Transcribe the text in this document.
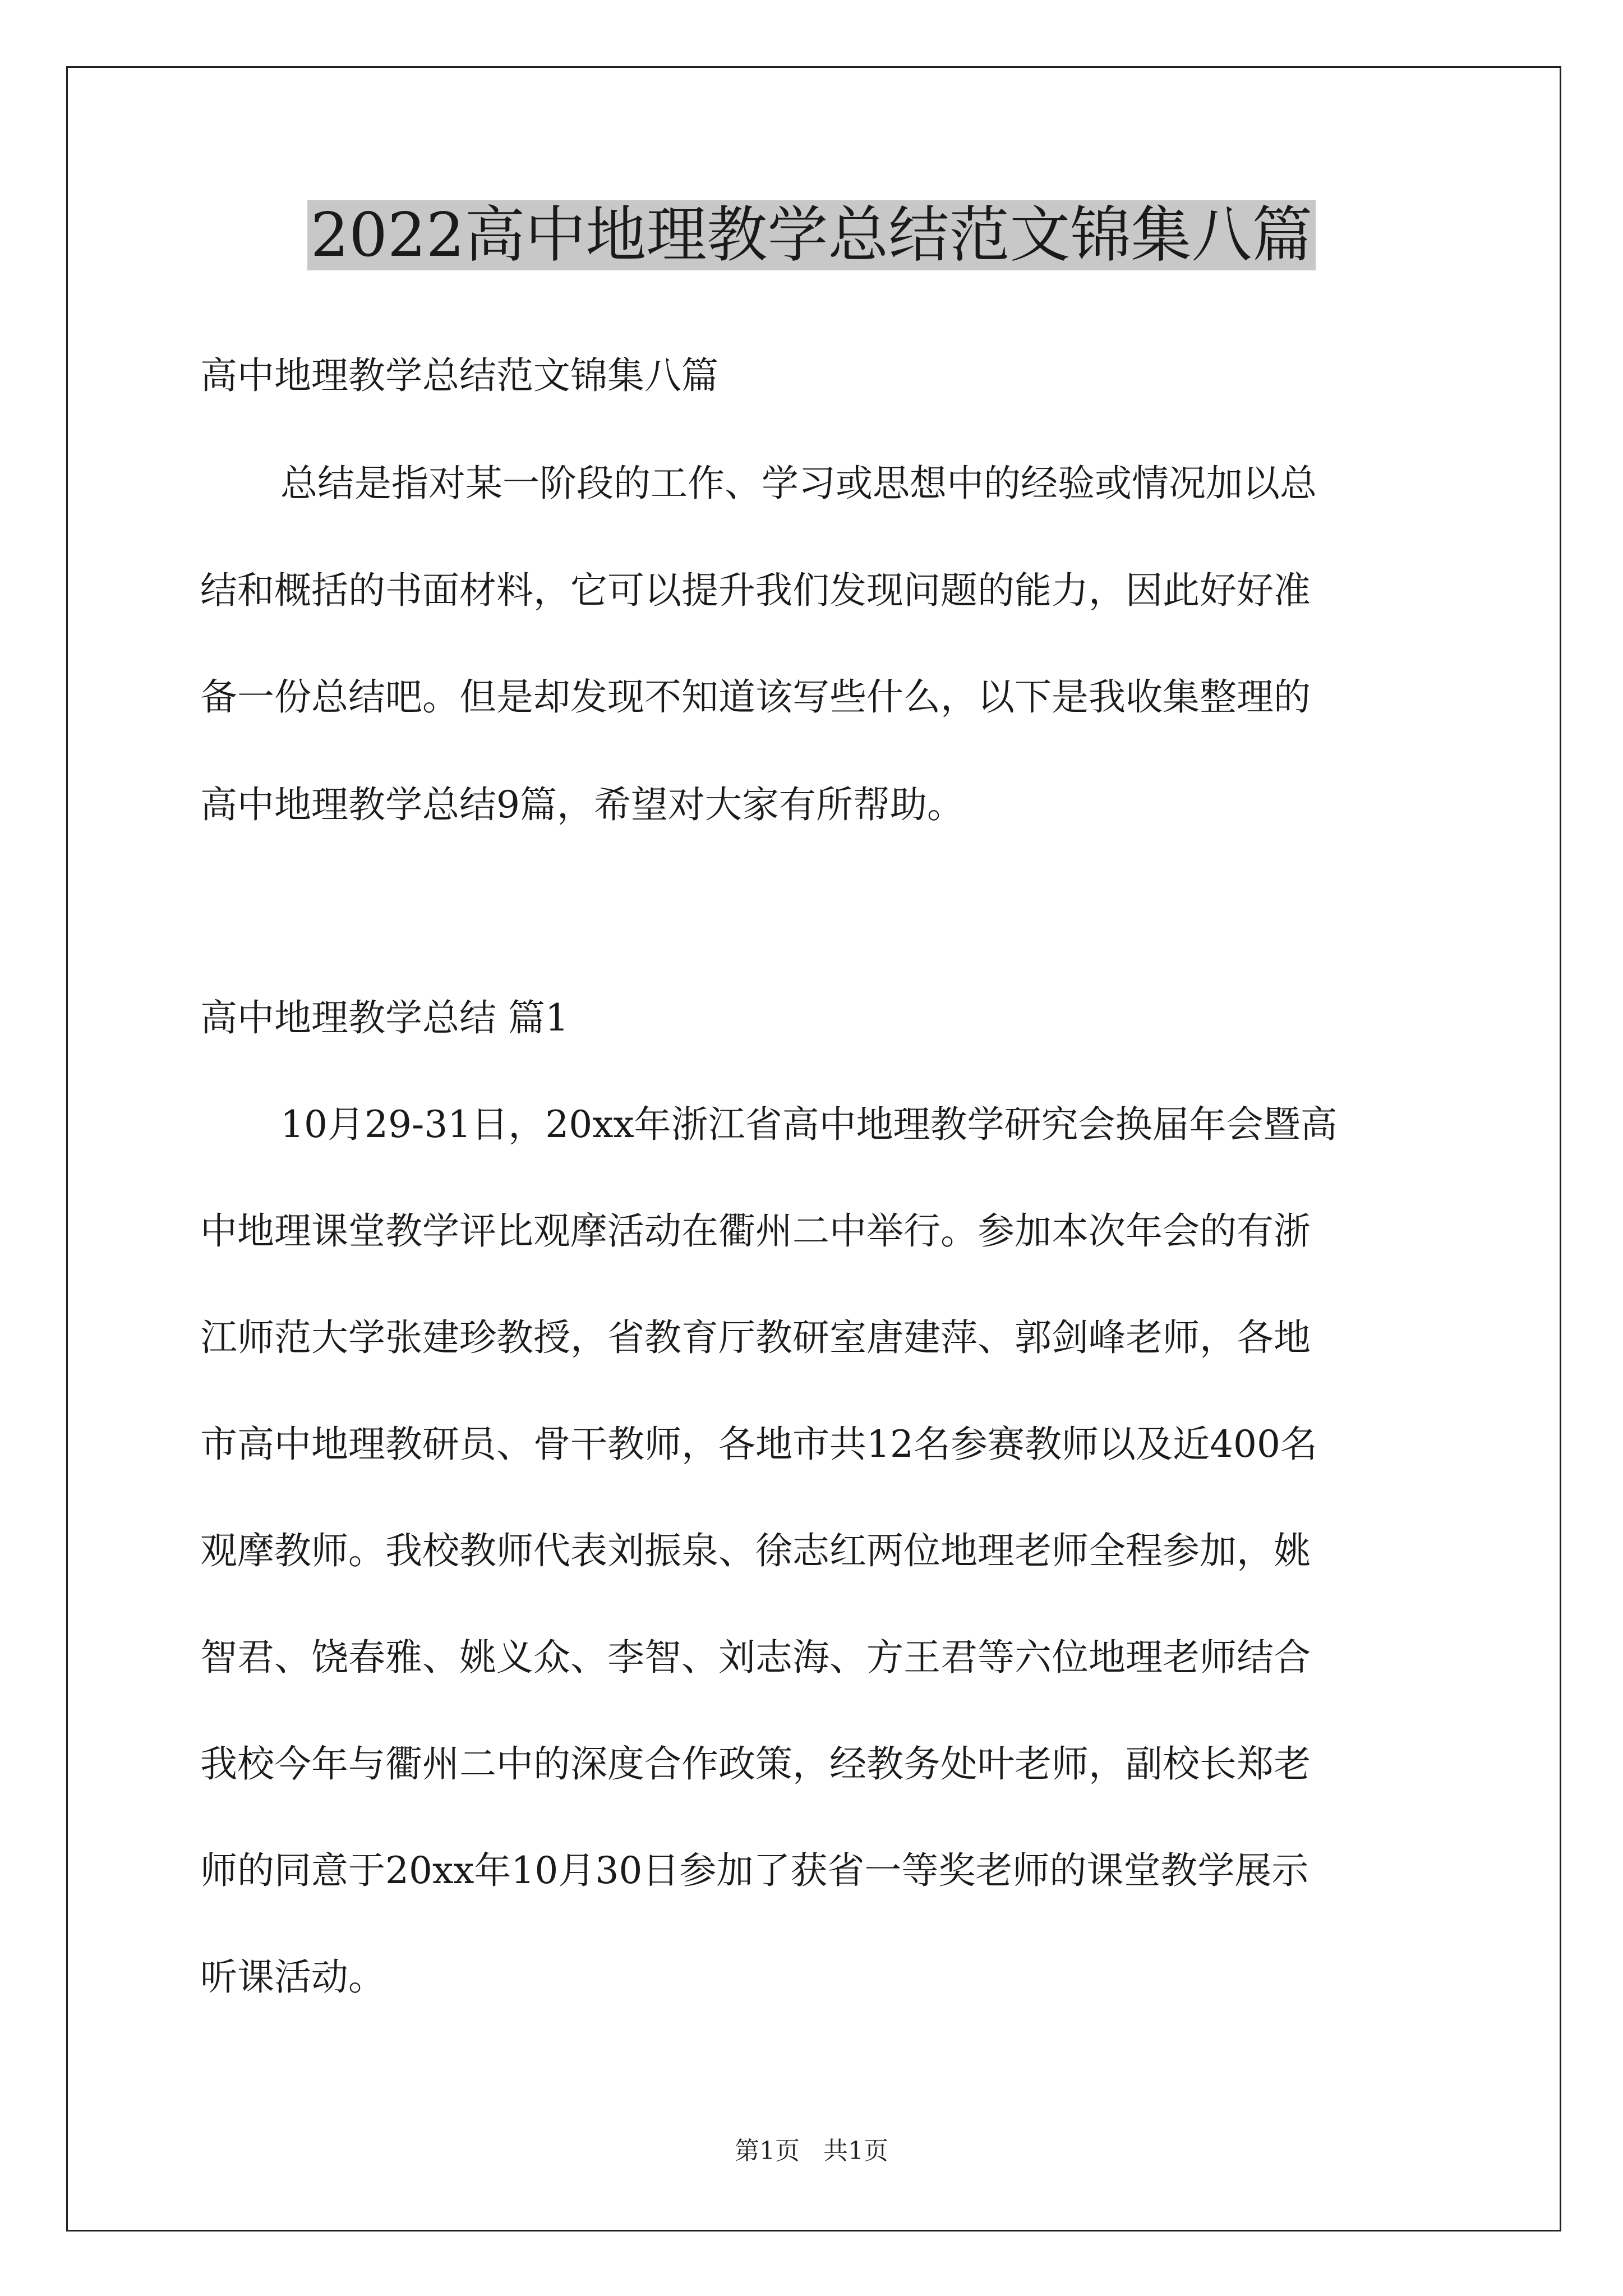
2022高中地理教学总结范文锦集八篇
高中地理教学总结范文锦集八篇
总结是指对某一阶段的工作、学习或思想中的经验或情况加以总
结和概括的书面材料，它可以提升我们发现问题的能力，因此好好准
备一份总结吧。但是却发现不知道该写些什么，以下是我收集整理的
高中地理教学总结9篇，希望对大家有所帮助。
高中地理教学总结 篇1
10月29-31日，20xx年浙江省高中地理教学研究会换届年会暨高
中地理课堂教学评比观摩活动在衢州二中举行。参加本次年会的有浙
江师范大学张建珍教授，省教育厅教研室唐建萍、郭剑峰老师，各地
市高中地理教研员、骨干教师，各地市共12名参赛教师以及近400名
观摩教师。我校教师代表刘振泉、徐志红两位地理老师全程参加，姚
智君、饶春雅、姚义众、李智、刘志海、方王君等六位地理老师结合
我校今年与衢州二中的深度合作政策，经教务处叶老师，副校长郑老
师的同意于20xx年10月30日参加了获省一等奖老师的课堂教学展示
听课活动。
第1页   共1页
